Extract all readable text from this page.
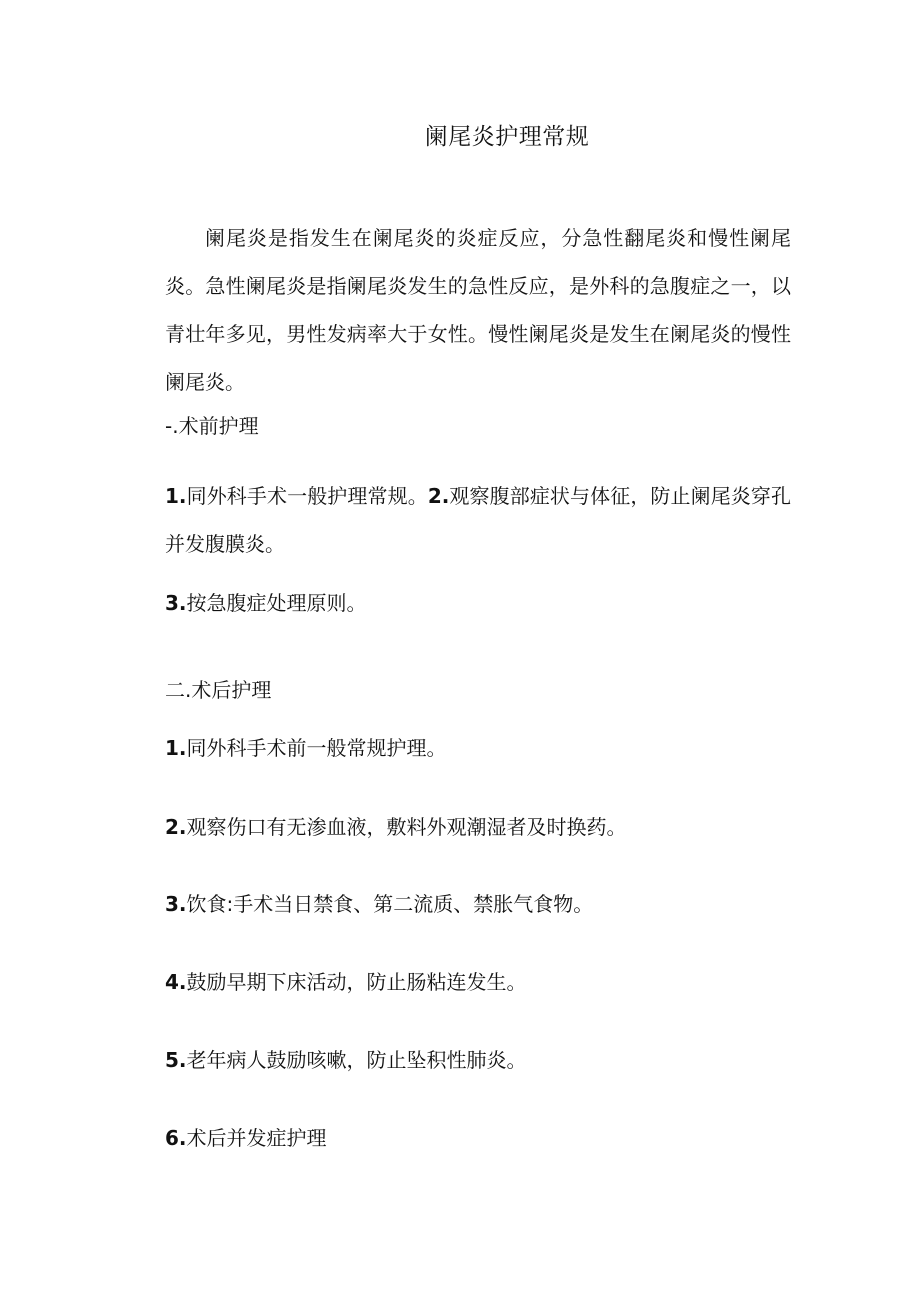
阑尾炎护理常规

阑尾炎是指发生在阑尾炎的炎症反应，分急性翻尾炎和慢性阑尾炎。急性阑尾炎是指阑尾炎发生的急性反应，是外科的急腹症之一，以青壮年多见，男性发病率大于女性。慢性阑尾炎是发生在阑尾炎的慢性阑尾炎。

-.术前护理

1.同外科手术一般护理常规。2.观察腹部症状与体征，防止阑尾炎穿孔并发腹膜炎。

3.按急腹症处理原则。

二.术后护理

1.同外科手术前一般常规护理。

2.观察伤口有无渗血液，敷料外观潮湿者及时换药。

3.饮食:手术当日禁食、第二流质、禁胀气食物。

4.鼓励早期下床活动，防止肠粘连发生。

5.老年病人鼓励咳嗽，防止坠积性肺炎。

6.术后并发症护理
